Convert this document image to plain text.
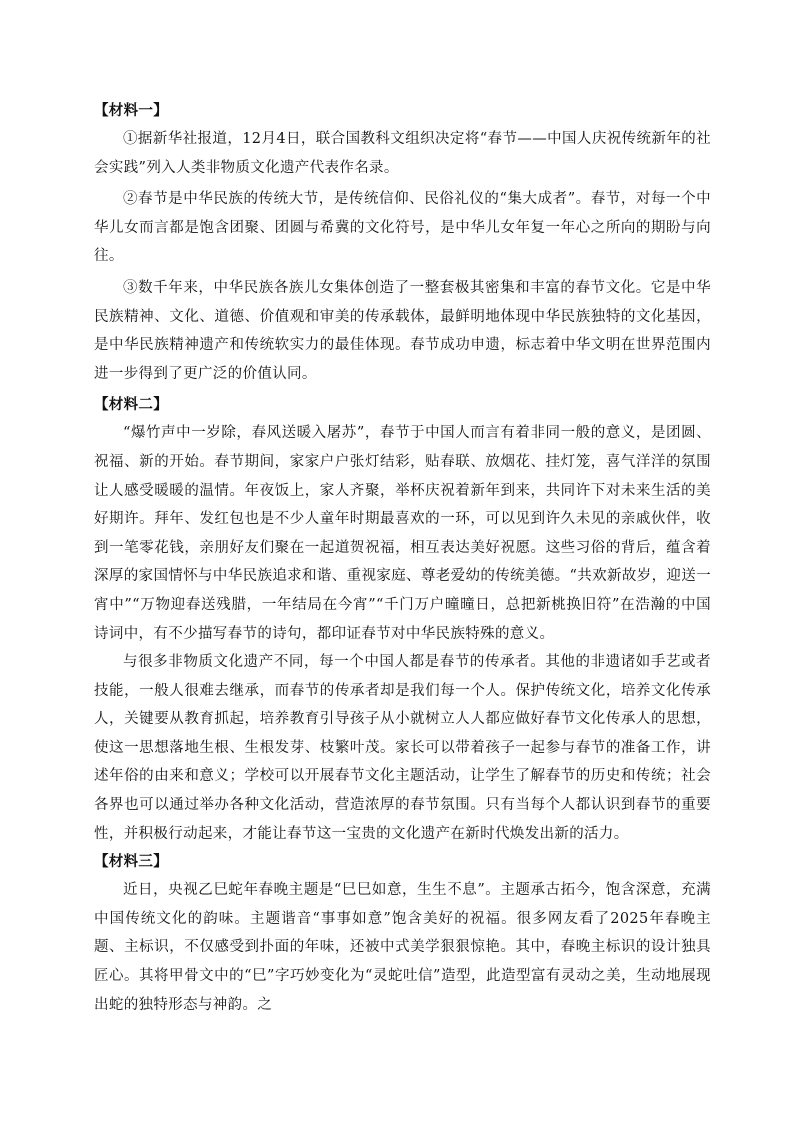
【材料一】

①据新华社报道，12月4日，联合国教科文组织决定将“春节——中国人庆祝传统新年的社会实践”列入人类非物质文化遗产代表作名录。

②春节是中华民族的传统大节，是传统信仰、民俗礼仪的“集大成者”。春节，对每一个中华儿女而言都是饱含团聚、团圆与希冀的文化符号，是中华儿女年复一年心之所向的期盼与向往。

③数千年来，中华民族各族儿女集体创造了一整套极其密集和丰富的春节文化。它是中华民族精神、文化、道德、价值观和审美的传承载体，最鲜明地体现中华民族独特的文化基因，是中华民族精神遗产和传统软实力的最佳体现。春节成功申遗，标志着中华文明在世界范围内进一步得到了更广泛的价值认同。

【材料二】

“爆竹声中一岁除，春风送暖入屠苏”，春节于中国人而言有着非同一般的意义，是团圆、祝福、新的开始。春节期间，家家户户张灯结彩，贴春联、放烟花、挂灯笼，喜气洋洋的氛围让人感受暖暖的温情。年夜饭上，家人齐聚，举杯庆祝着新年到来，共同许下对未来生活的美好期许。拜年、发红包也是不少人童年时期最喜欢的一环，可以见到许久未见的亲戚伙伴，收到一笔零花钱，亲朋好友们聚在一起道贺祝福，相互表达美好祝愿。这些习俗的背后，蕴含着深厚的家国情怀与中华民族追求和谐、重视家庭、尊老爱幼的传统美德。“共欢新故岁，迎送一宵中”“万物迎春送残腊，一年结局在今宵”“千门万户曈曈日，总把新桃换旧符”在浩瀚的中国诗词中，有不少描写春节的诗句，都印证春节对中华民族特殊的意义。

与很多非物质文化遗产不同，每一个中国人都是春节的传承者。其他的非遗诸如手艺或者技能，一般人很难去继承，而春节的传承者却是我们每一个人。保护传统文化，培养文化传承人，关键要从教育抓起，培养教育引导孩子从小就树立人人都应做好春节文化传承人的思想，使这一思想落地生根、生根发芽、枝繁叶茂。家长可以带着孩子一起参与春节的准备工作，讲述年俗的由来和意义；学校可以开展春节文化主题活动，让学生了解春节的历史和传统；社会各界也可以通过举办各种文化活动，营造浓厚的春节氛围。只有当每个人都认识到春节的重要性，并积极行动起来，才能让春节这一宝贵的文化遗产在新时代焕发出新的活力。

【材料三】

近日，央视乙巳蛇年春晚主题是“巳巳如意，生生不息”。主题承古拓今，饱含深意，充满中国传统文化的韵味。主题谐音“事事如意”饱含美好的祝福。很多网友看了2025年春晚主题、主标识，不仅感受到扑面的年味，还被中式美学狠狠惊艳。其中，春晚主标识的设计独具匠心。其将甲骨文中的“巳”字巧妙变化为“灵蛇吐信”造型，此造型富有灵动之美，生动地展现出蛇的独特形态与神韵。之
